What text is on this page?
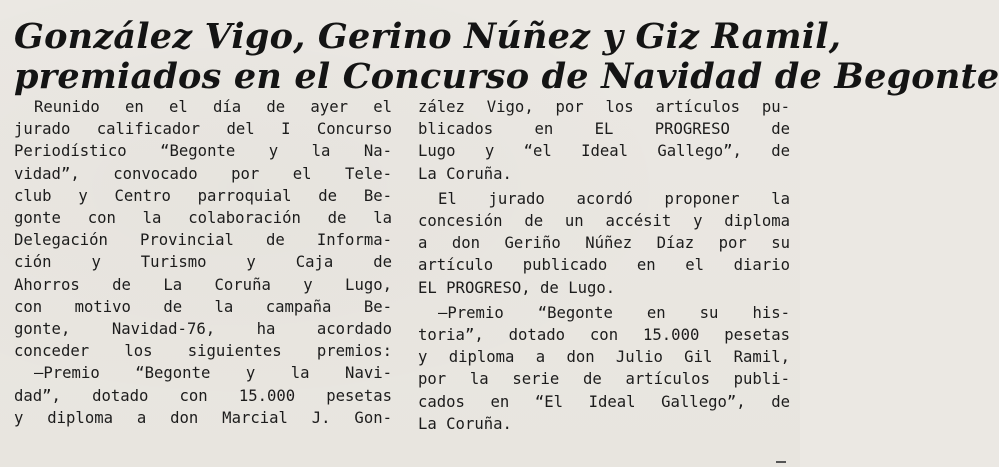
González Vigo, Gerino Núñez y Giz Ramil,
premiados en el Concurso de Navidad de Begonte
Reunido en el día de ayer el
jurado calificador del I Concurso
Periodístico “Begonte y la Na-
vidad”, convocado por el Tele-
club y Centro parroquial de Be-
gonte con la colaboración de la
Delegación Provincial de Informa-
ción y Turismo y Caja de
Ahorros de La Coruña y Lugo,
con motivo de la campaña Be-
gonte, Navidad-76, ha acordado
conceder los siguientes premios:
—Premio “Begonte y la Navi-
dad”, dotado con 15.000 pesetas
y diploma a don Marcial J. Gon-
zález Vigo, por los artículos pu-
blicados en EL PROGRESO de
Lugo y “el Ideal Gallego”, de
La Coruña.
El jurado acordó proponer la
concesión de un accésit y diploma
a don Geriño Núñez Díaz por su
artículo publicado en el diario
EL PROGRESO, de Lugo.
—Premio “Begonte en su his-
toria”, dotado con 15.000 pesetas
y diploma a don Julio Gil Ramil,
por la serie de artículos publi-
cados en “El Ideal Gallego”, de
La Coruña.
